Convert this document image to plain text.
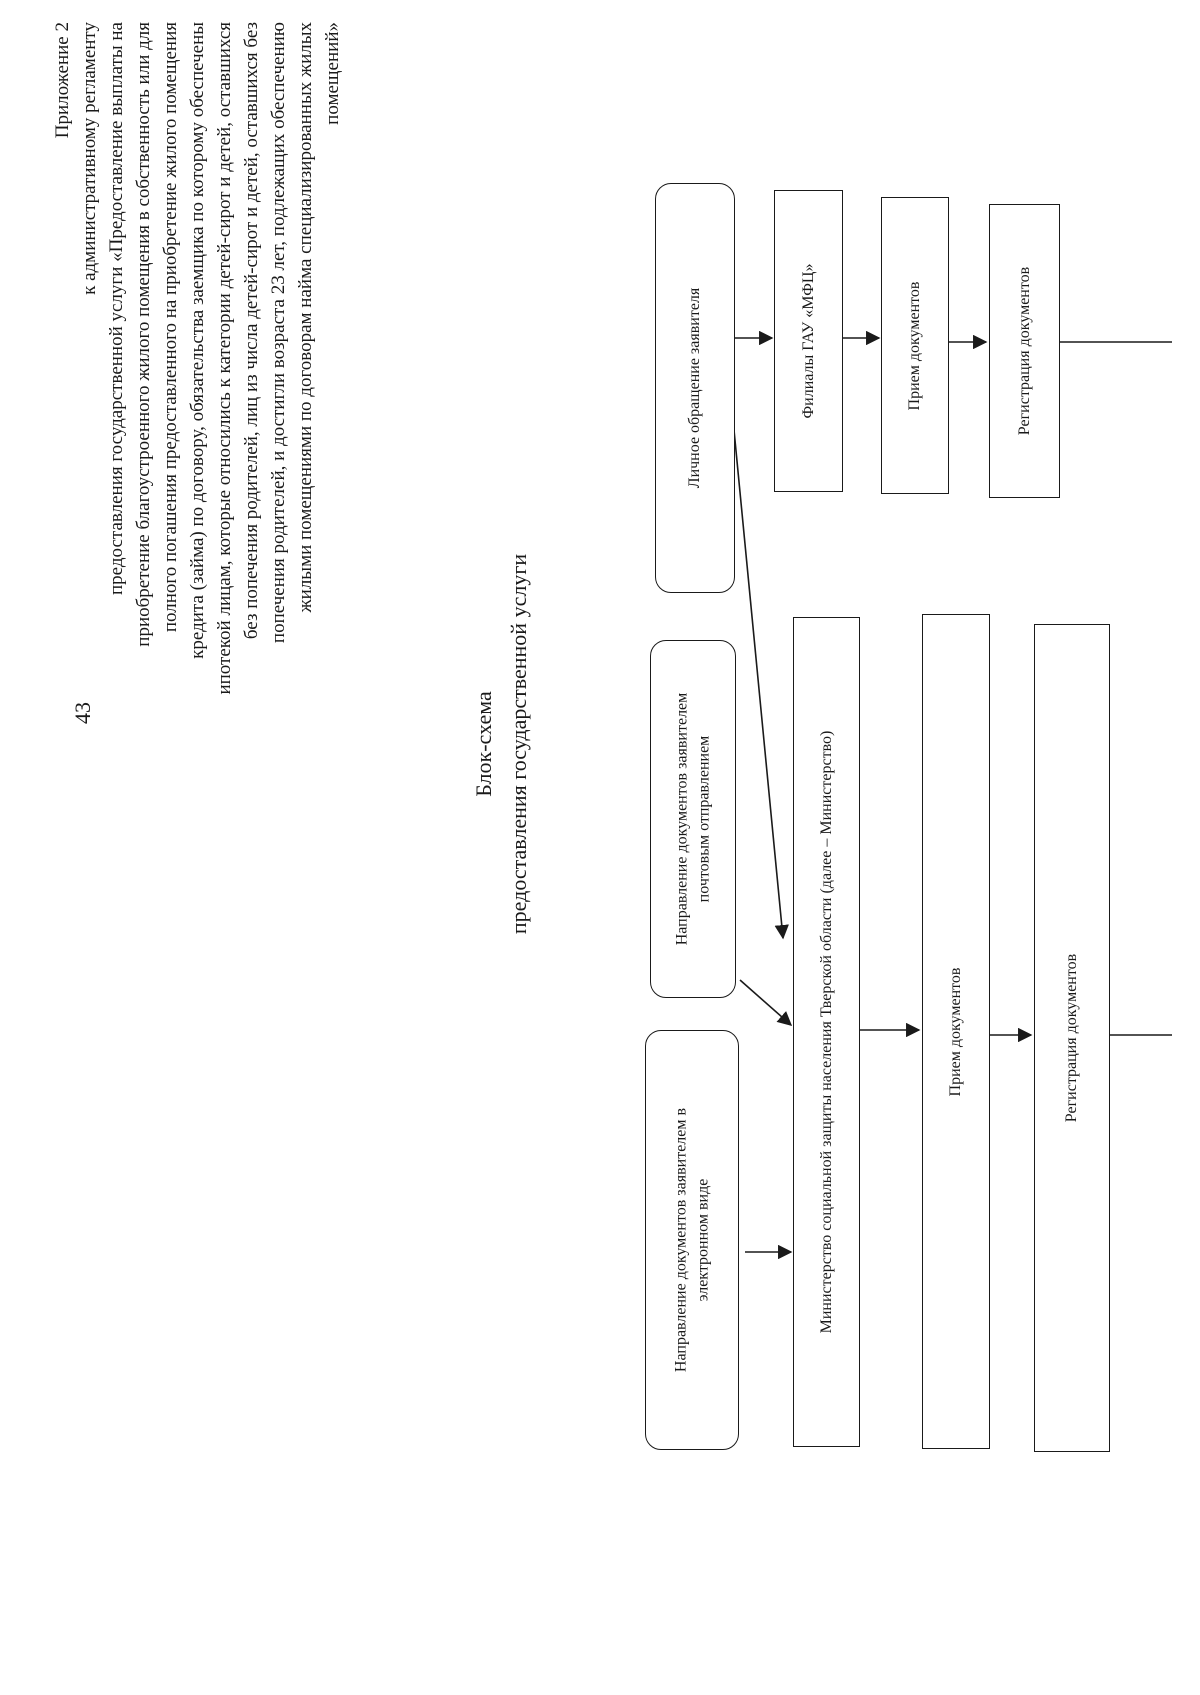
43
Приложение 2 к административному регламенту предоставления государственной услуги «Предоставление выплаты на приобретение благоустроенного жилого помещения в собственность или для полного погашения предоставленного на приобретение жилого помещения кредита (займа) по договору, обязательства заемщика по которому обеспечены ипотекой лицам, которые относились к категории детей-сирот и детей, оставшихся без попечения родителей, лиц из числа детей-сирот и детей, оставшихся без попечения родителей, и достигли возраста 23 лет, подлежащих обеспечению жилыми помещениями по договорам найма специализированных жилых помещений»
Блок-схема предоставления государственной услуги
Направление документов заявителем в электронном виде
Направление документов заявителем почтовым отправлением
Личное обращение заявителя
Министерство социальной защиты населения Тверской области (далее – Министерство)	Прием документов	Регистрация документов
Филиалы ГАУ «МФЦ»	Прием документов	Регистрация документов
